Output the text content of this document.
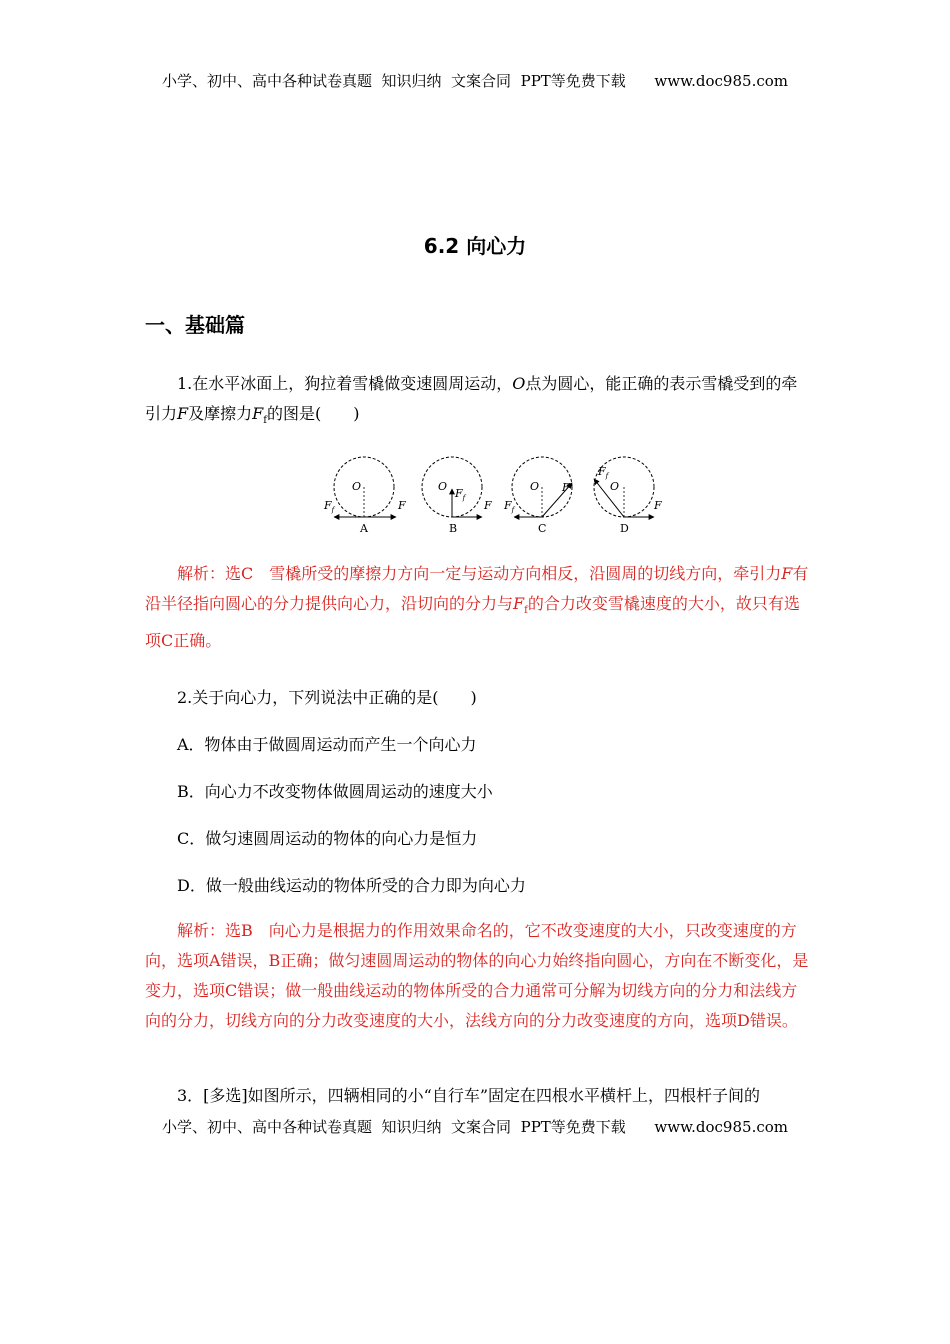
小学、初中、高中各种试卷真题  知识归纳  文案合同  PPT等免费下载      www.doc985.com
6.2 向心力
一、基础篇
1.在水平冰面上，狗拉着雪橇做变速圆周运动，O点为圆心，能正确的表示雪橇受到的牵引力F及摩擦力$F_f$的图是(　　)
O
$F_f$	F
A
O
$F_f$
F
B
O
$F_f$
F
C
O
$F_f$
F
D
解析：选C　雪橇所受的摩擦力方向一定与运动方向相反，沿圆周的切线方向，牵引力F有沿半径指向圆心的分力提供向心力，沿切向的分力与$F_f$的合力改变雪橇速度的大小，故只有选项C正确。
2.关于向心力，下列说法中正确的是(　　)
A．物体由于做圆周运动而产生一个向心力
B．向心力不改变物体做圆周运动的速度大小
C．做匀速圆周运动的物体的向心力是恒力
D．做一般曲线运动的物体所受的合力即为向心力
解析：选B　向心力是根据力的作用效果命名的，它不改变速度的大小，只改变速度的方向，选项A错误，B正确；做匀速圆周运动的物体的向心力始终指向圆心，方向在不断变化，是变力，选项C错误；做一般曲线运动的物体所受的合力通常可分解为切线方向的分力和法线方向的分力，切线方向的分力改变速度的大小，法线方向的分力改变速度的方向，选项D错误。
3．[多选]如图所示，四辆相同的小“自行车”固定在四根水平横杆上，四根杆子间的
小学、初中、高中各种试卷真题  知识归纳  文案合同  PPT等免费下载      www.doc985.com
